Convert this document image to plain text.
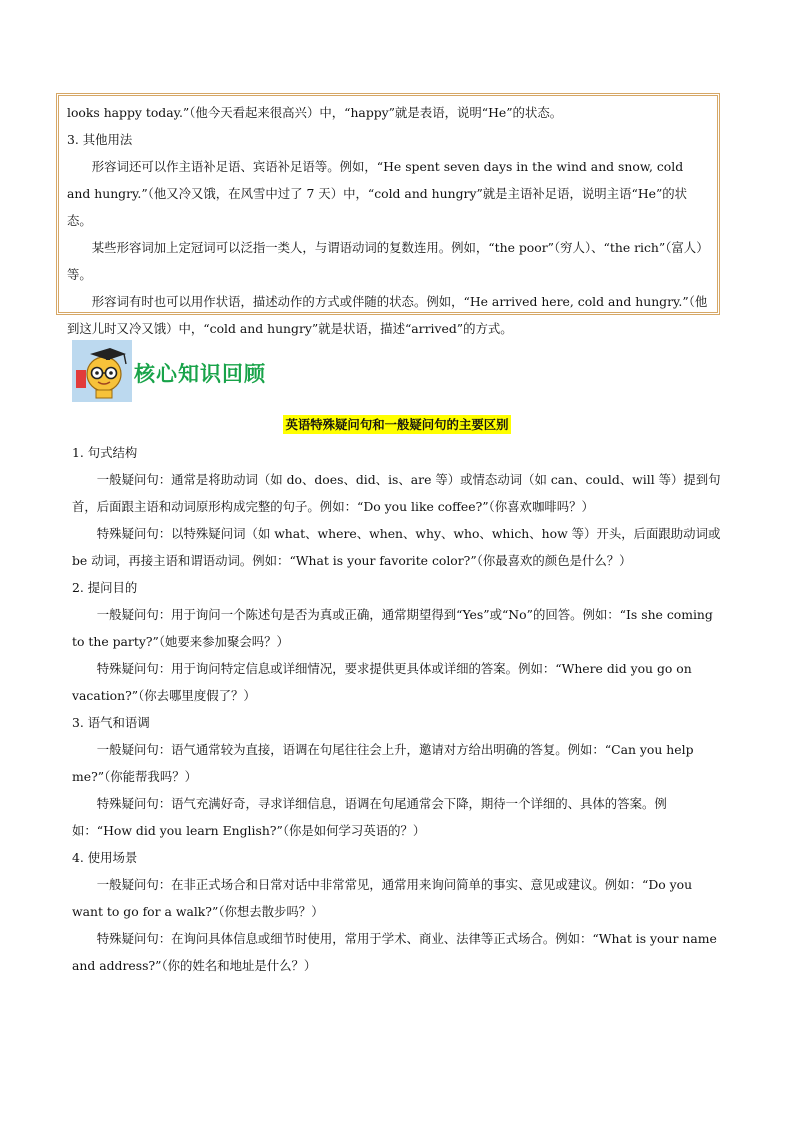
looks happy today.”（他今天看起来很高兴）中，“happy”就是表语，说明“He”的状态。

3. 其他用法

形容词还可以作主语补足语、宾语补足语等。例如，“He spent seven days in the wind and snow, cold and hungry.”（他又冷又饿，在风雪中过了 7 天）中，“cold and hungry”就是主语补足语，说明主语“He”的状态。

某些形容词加上定冠词可以泛指一类人，与谓语动词的复数连用。例如，“the poor”（穷人）、“the rich”（富人）等。

形容词有时也可以用作状语，描述动作的方式或伴随的状态。例如，“He arrived here, cold and hungry.”（他到这儿时又冷又饿）中，“cold and hungry”就是状语，描述“arrived”的方式。

核心知识回顾
英语特殊疑问句和一般疑问句的主要区别

1. 句式结构

一般疑问句：通常是将助动词（如 do、does、did、is、are 等）或情态动词（如 can、could、will 等）提到句首，后面跟主语和动词原形构成完整的句子。例如：“Do you like coffee?”（你喜欢咖啡吗？）

特殊疑问句：以特殊疑问词（如 what、where、when、why、who、which、how 等）开头，后面跟助动词或 be 动词，再接主语和谓语动词。例如：“What is your favorite color?”（你最喜欢的颜色是什么？）

2. 提问目的

一般疑问句：用于询问一个陈述句是否为真或正确，通常期望得到“Yes”或“No”的回答。例如：“Is she coming to the party?”（她要来参加聚会吗？）

特殊疑问句：用于询问特定信息或详细情况，要求提供更具体或详细的答案。例如：“Where did you go on vacation?”（你去哪里度假了？）

3. 语气和语调

一般疑问句：语气通常较为直接，语调在句尾往往会上升，邀请对方给出明确的答复。例如：“Can you help me?”（你能帮我吗？）

特殊疑问句：语气充满好奇，寻求详细信息，语调在句尾通常会下降，期待一个详细的、具体的答案。例如：“How did you learn English?”（你是如何学习英语的？）

4. 使用场景

一般疑问句：在非正式场合和日常对话中非常常见，通常用来询问简单的事实、意见或建议。例如：“Do you want to go for a walk?”（你想去散步吗？）

特殊疑问句：在询问具体信息或细节时使用，常用于学术、商业、法律等正式场合。例如：“What is your name and address?”（你的姓名和地址是什么？）
